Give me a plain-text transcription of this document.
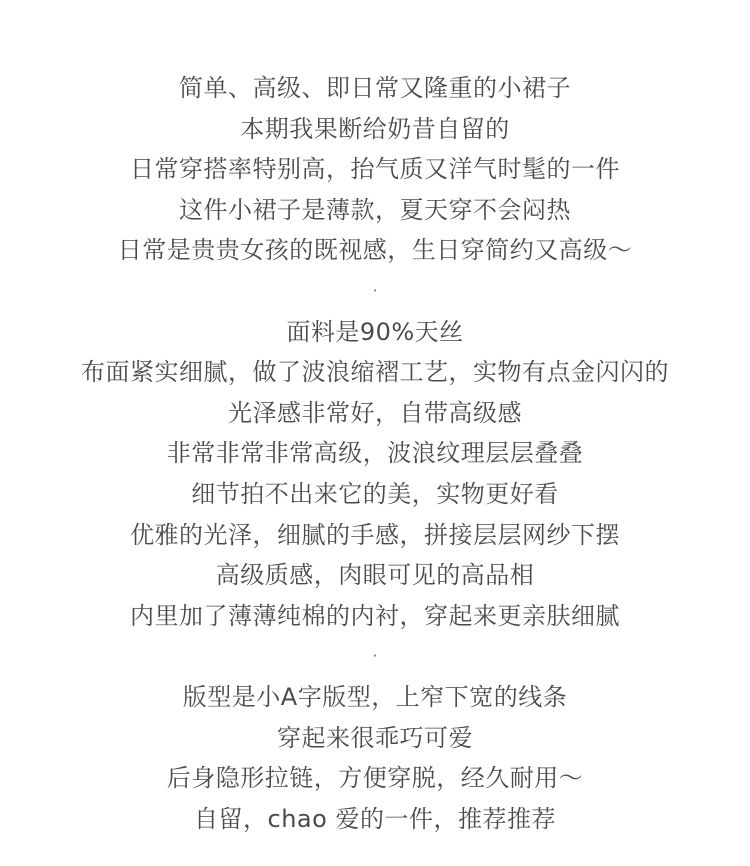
简单、高级、即日常又隆重的小裙子
本期我果断给奶昔自留的
日常穿搭率特别高，抬气质又洋气时髦的一件
这件小裙子是薄款，夏天穿不会闷热
日常是贵贵女孩的既视感，生日穿简约又高级～
·
面料是90%天丝
布面紧实细腻，做了波浪缩褶工艺，实物有点金闪闪的
光泽感非常好，自带高级感
非常非常非常高级，波浪纹理层层叠叠
细节拍不出来它的美，实物更好看
优雅的光泽，细腻的手感，拼接层层网纱下摆
高级质感，肉眼可见的高品相
内里加了薄薄纯棉的内衬，穿起来更亲肤细腻
·
版型是小A字版型，上窄下宽的线条
穿起来很乖巧可爱
后身隐形拉链，方便穿脱，经久耐用～
自留，chao 爱的一件，推荐推荐
